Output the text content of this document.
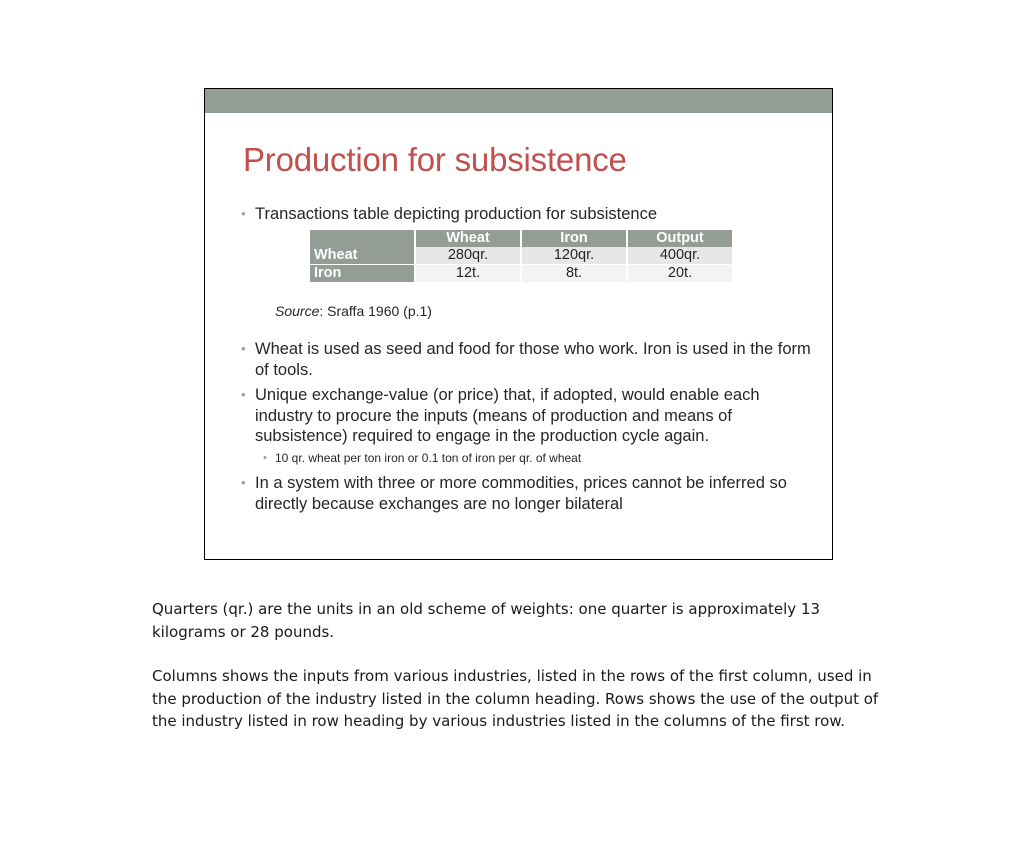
Production for subsistence
• Transactions table depicting production for subsistence
	Wheat	Iron	Output
Wheat	280qr.	120qr.	400qr.
Iron	12t.	8t.	20t.
Source: Sraffa 1960 (p.1)
• Wheat is used as seed and food for those who work. Iron is used in the form of tools.
• Unique exchange-value (or price) that, if adopted, would enable each industry to procure the inputs (means of production and means of subsistence) required to engage in the production cycle again.
• 10 qr. wheat per ton iron or 0.1 ton of iron per qr. of wheat
• In a system with three or more commodities, prices cannot be inferred so directly because exchanges are no longer bilateral

Quarters (qr.) are the units in an old scheme of weights: one quarter is approximately 13 kilograms or 28 pounds.

Columns shows the inputs from various industries, listed in the rows of the first column, used in the production of the industry listed in the column heading. Rows shows the use of the output of the industry listed in row heading by various industries listed in the columns of the first row.
